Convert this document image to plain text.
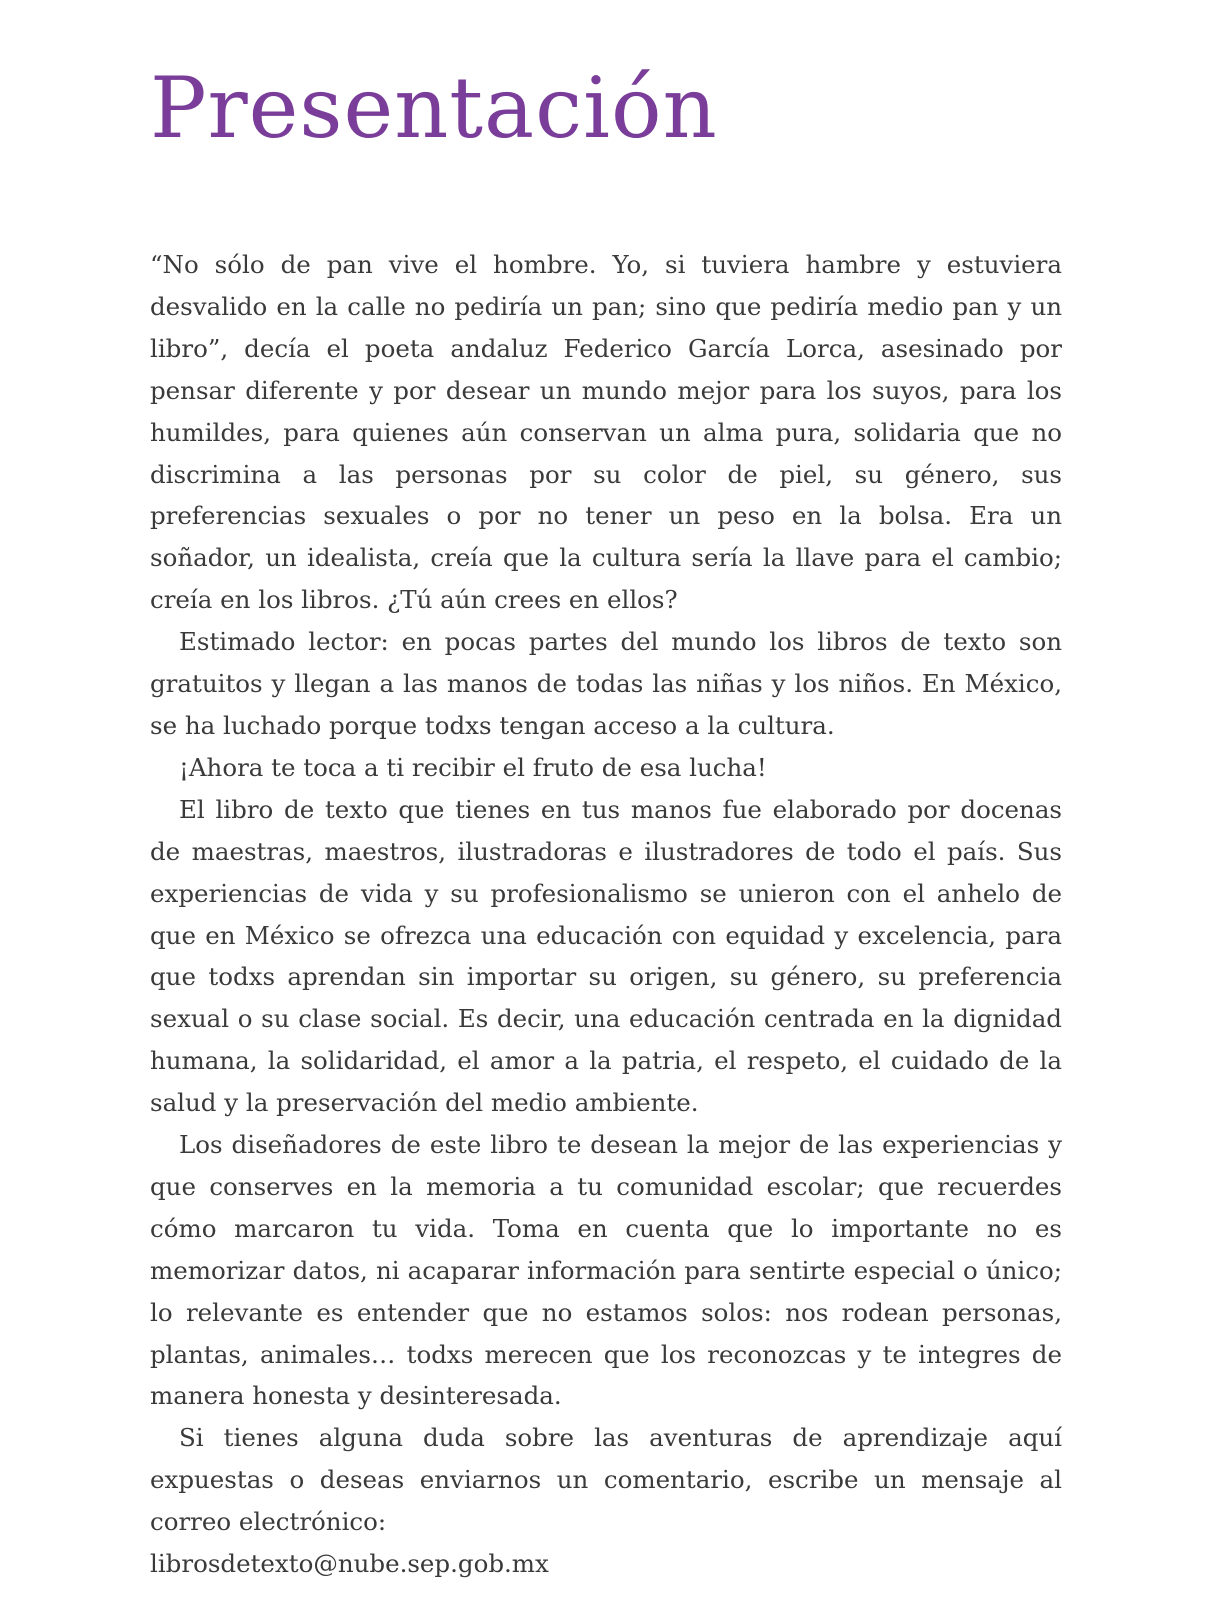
Presentación

“No sólo de pan vive el hombre. Yo, si tuviera hambre y estuviera desvalido en la calle no pediría un pan; sino que pediría medio pan y un libro”, decía el poeta andaluz Federico García Lorca, asesinado por pensar diferente y por desear un mundo mejor para los suyos, para los humildes, para quienes aún conservan un alma pura, solidaria que no discrimina a las personas por su color de piel, su género, sus preferencias sexuales o por no tener un peso en la bolsa. Era un soñador, un idealista, creía que la cultura sería la llave para el cambio; creía en los libros. ¿Tú aún crees en ellos?

Estimado lector: en pocas partes del mundo los libros de texto son gratuitos y llegan a las manos de todas las niñas y los niños. En México, se ha luchado porque todxs tengan acceso a la cultura.

¡Ahora te toca a ti recibir el fruto de esa lucha!

El libro de texto que tienes en tus manos fue elaborado por docenas de maestras, maestros, ilustradoras e ilustradores de todo el país. Sus experiencias de vida y su profesionalismo se unieron con el anhelo de que en México se ofrezca una educación con equidad y excelencia, para que todxs aprendan sin importar su origen, su género, su preferencia sexual o su clase social. Es decir, una educación centrada en la dignidad humana, la solidaridad, el amor a la patria, el respeto, el cuidado de la salud y la preservación del medio ambiente.

Los diseñadores de este libro te desean la mejor de las experiencias y que conserves en la memoria a tu comunidad escolar; que recuerdes cómo marcaron tu vida. Toma en cuenta que lo importante no es memorizar datos, ni acaparar información para sentirte especial o único; lo relevante es entender que no estamos solos: nos rodean personas, plantas, animales… todxs merecen que los reconozcas y te integres de manera honesta y desinteresada.

Si tienes alguna duda sobre las aventuras de aprendizaje aquí expuestas o deseas enviarnos un comentario, escribe un mensaje al correo electrónico:

librosdetexto@nube.sep.gob.mx
